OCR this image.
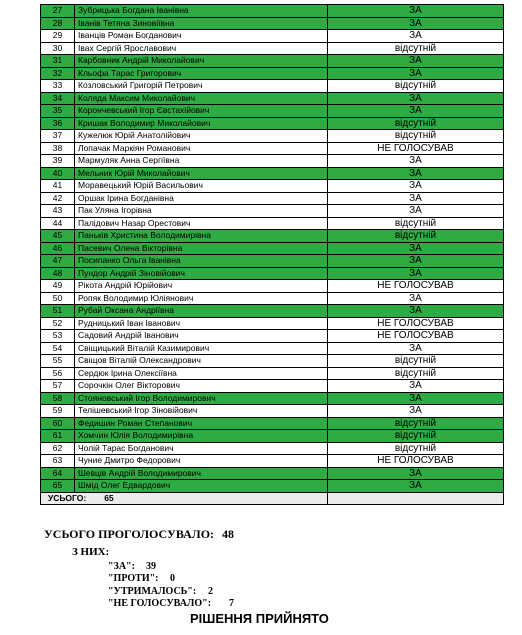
27	Зубрицька Богдана Іванівна	ЗА
28	Іванів Тетяна Зиновіївна	ЗА
29	Іванців Роман Богданович	ЗА
30	Івах Сергій Ярославович	відсутній
31	Карбовник Андрій Миколайович	ЗА
32	Кльофа Тарас Григорович	ЗА
33	Козловський Григорій Петрович	відсутній
34	Коляда Максим Миколайович	ЗА
35	Корончевський Ігор Євстахійович	ЗА
36	Кришак Володимир Миколайович	відсутній
37	Кужелюк Юрій Анатолійович	відсутній
38	Лопачак Маркіян Романович	НЕ ГОЛОСУВАВ
39	Мармуляк Анна Сергіївна	ЗА
40	Мельник Юрій Миколайович	ЗА
41	Моравецький Юрій Васильович	ЗА
42	Оршак Ірина Богданівна	ЗА
43	Пак Уляна Ігорівна	ЗА
44	Палідович Назар Орестович	відсутній
45	Паньків Христина Володимирівна	відсутній
46	Пасевич Олена Вікторівна	ЗА
47	Посипанко Ольга Іванівна	ЗА
48	Пундор Андрій Зіновійович	ЗА
49	Рікота Андрій Юрійович	НЕ ГОЛОСУВАВ
50	Ропяк Володимир Юліянович	ЗА
51	Рубай Оксана Андріївна	ЗА
52	Рудницький Іван Іванович	НЕ ГОЛОСУВАВ
53	Садовий Андрій Іванович	НЕ ГОЛОСУВАВ
54	Свіщицький Віталій Казимирович	ЗА
55	Свіщов Віталій Олександрович	відсутній
56	Сердюк Ірина Олексіївна	відсутній
57	Сорочкін Олег Вікторович	ЗА
58	Стояновський Ігор Володимирович	ЗА
59	Телішевський Ігор Зіновійович	ЗА
60	Федишин Роман Степанович	відсутній
61	Хомчин Юлія Володимирівна	відсутній
62	Чолій Тарас Богданович	відсутній
63	Чуние Дмитро Федорович	НЕ ГОЛОСУВАВ
64	Шевців Андрій Володимирович	ЗА
65	Шмід Олег Едвардович	ЗА
УСЬОГО: 65		
УСЬОГО ПРОГОЛОСУВАЛО: 48
З НИХ:
"ЗА": 39
"ПРОТИ": 0
"УТРИМАЛОСЬ": 2
"НЕ ГОЛОСУВАЛО": 7
РІШЕННЯ ПРИЙНЯТО
